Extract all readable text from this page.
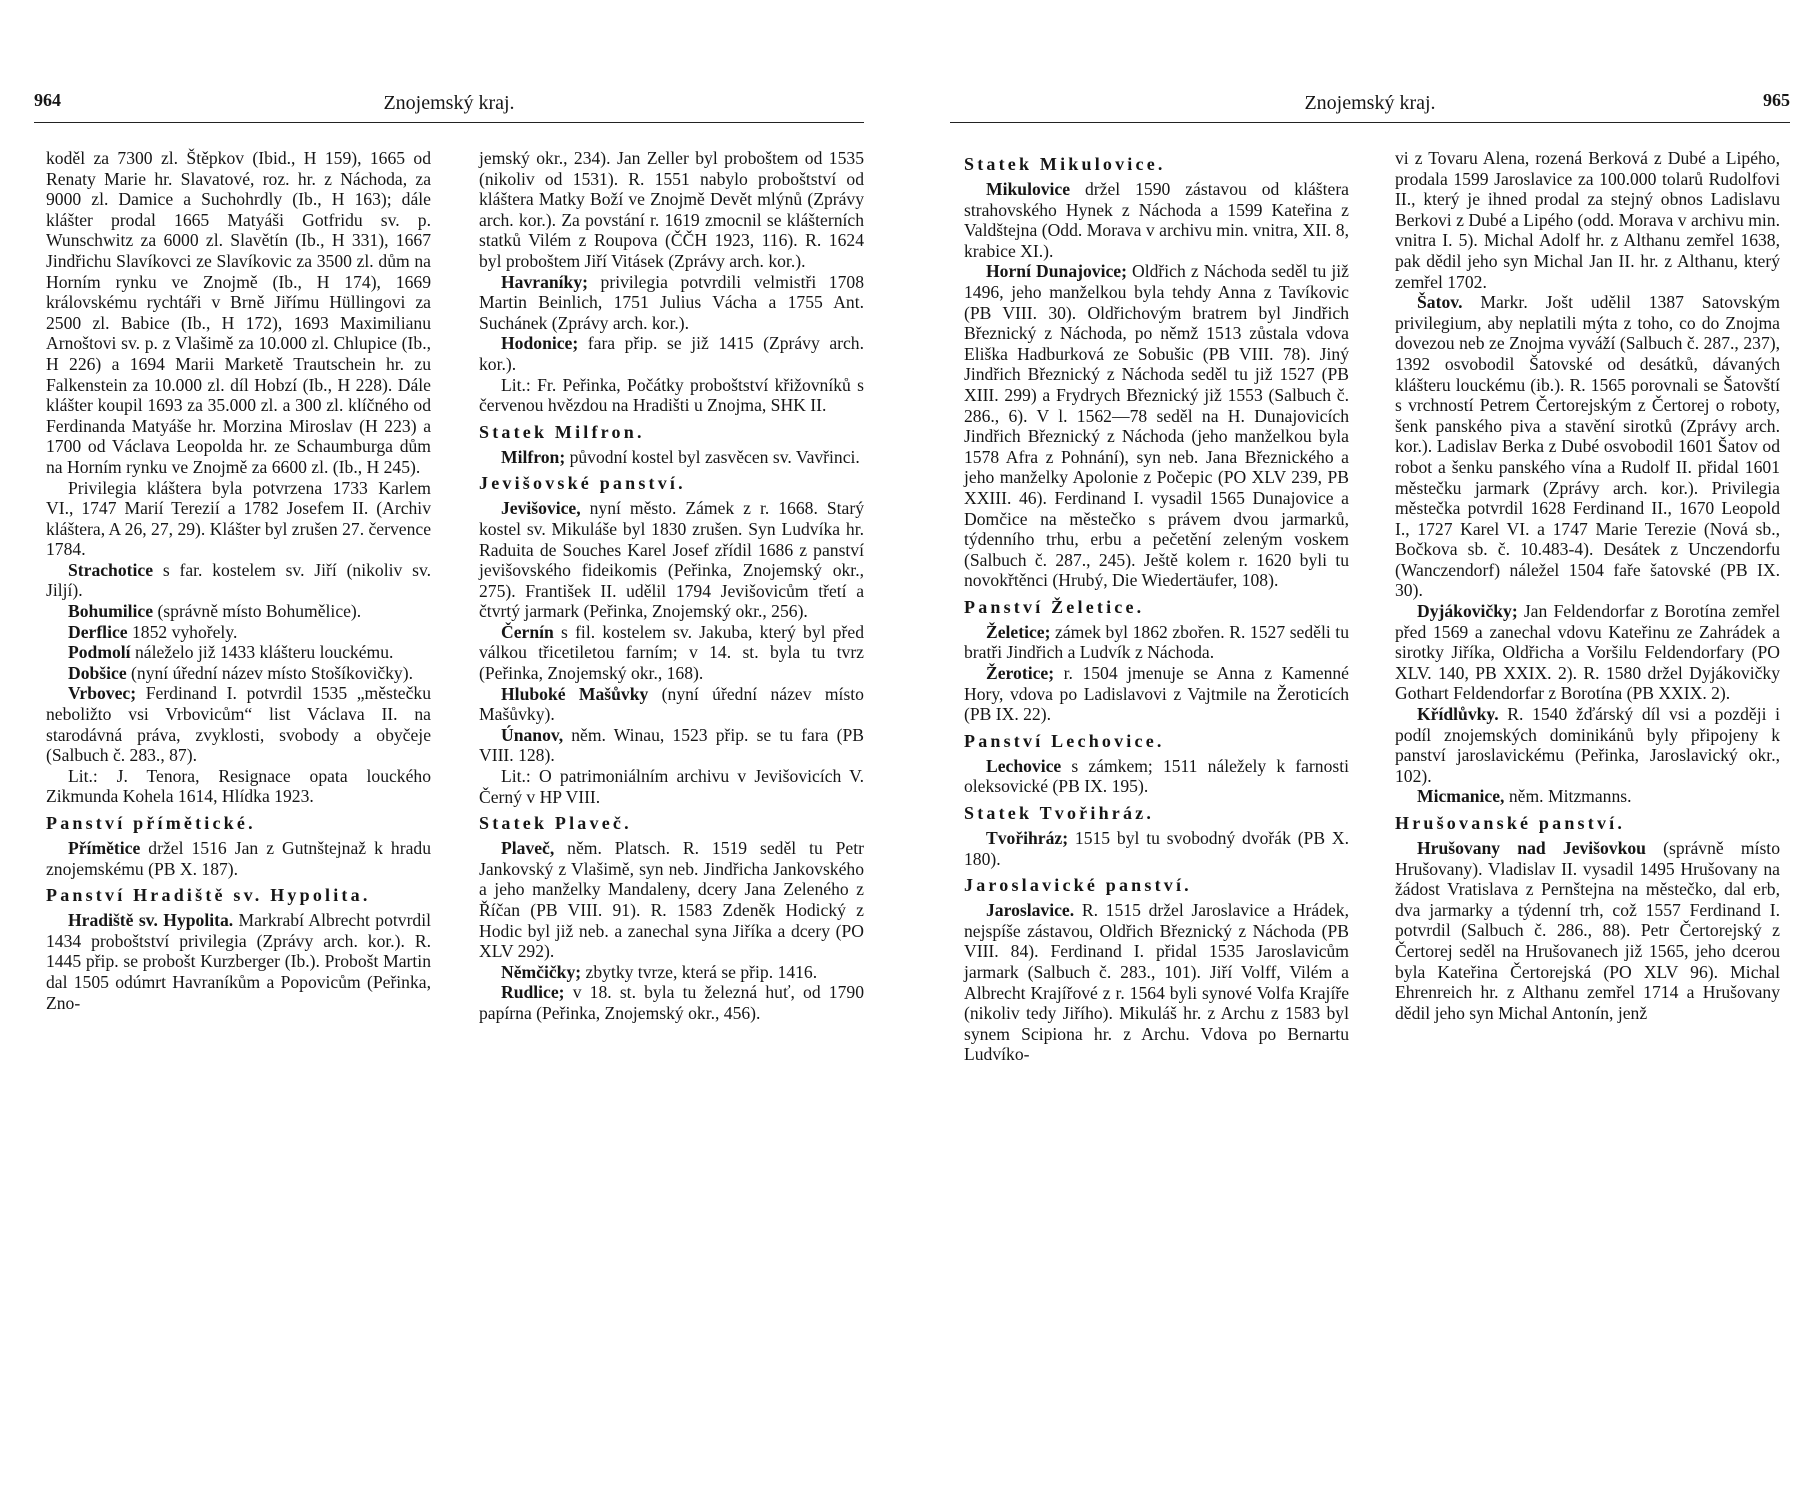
964	Znojemský kraj.

koděl za 7300 zl. Štěpkov (Ibid., H 159), 1665 od Renaty Marie hr. Slavatové, roz. hr. z Náchoda, za 9000 zl. Damice a Suchohrdly (Ib., H 163); dále klášter prodal 1665 Matyáši Gotfridu sv. p. Wunschwitz za 6000 zl. Slavětín (Ib., H 331), 1667 Jindřichu Slavíkovci ze Slavíkovic za 3500 zl. dům na Horním rynku ve Znojmě (Ib., H 174), 1669 královskému rychtáři v Brně Jiřímu Hüllingovi za 2500 zl. Babice (Ib., H 172), 1693 Maximilianu Arnoštovi sv. p. z Vlašimě za 10.000 zl. Chlupice (Ib., H 226) a 1694 Marii Marketě Trautschein hr. zu Falkenstein za 10.000 zl. díl Hobzí (Ib., H 228). Dále klášter koupil 1693 za 35.000 zl. a 300 zl. klíčného od Ferdinanda Matyáše hr. Morzina Miroslav (H 223) a 1700 od Václava Leopolda hr. ze Schaumburga dům na Horním rynku ve Znojmě za 6600 zl. (Ib., H 245).

Privilegia kláštera byla potvrzena 1733 Karlem VI., 1747 Marií Terezií a 1782 Josefem II. (Archiv kláštera, A 26, 27, 29). Klášter byl zrušen 27. července 1784.

Strachotice s far. kostelem sv. Jiří (nikoliv sv. Jiljí).

Bohumilice (správně místo Bohumělice).

Derflice 1852 vyhořely.

Podmolí náleželo již 1433 klášteru louckému.

Dobšice (nyní úřední název místo Stošíkovičky).

Vrbovec; Ferdinand I. potvrdil 1535 „městečku neboližto vsi Vrbovicům“ list Václava II. na starodávná práva, zvyklosti, svobody a obyčeje (Salbuch č. 283., 87).

Lit.: J. Tenora, Resignace opata louckého Zikmunda Kohela 1614, Hlídka 1923.

Panství přímětické.

Přímětice držel 1516 Jan z Gutnštejnaž k hradu znojemskému (PB X. 187).

Panství Hradiště sv. Hypolita.

Hradiště sv. Hypolita. Markrabí Albrecht potvrdil 1434 proboštství privilegia (Zprávy arch. kor.). R. 1445 přip. se probošt Kurzberger (Ib.). Probošt Martin dal 1505 odúmrt Havraníkům a Popovicům (Peřinka, Zno-

jemský okr., 234). Jan Zeller byl proboštem od 1535 (nikoliv od 1531). R. 1551 nabylo proboštství od kláštera Matky Boží ve Znojmě Devět mlýnů (Zprávy arch. kor.). Za povstání r. 1619 zmocnil se klášterních statků Vilém z Roupova (ČČH 1923, 116). R. 1624 byl proboštem Jiří Vitásek (Zprávy arch. kor.).

Havraníky; privilegia potvrdili velmistři 1708 Martin Beinlich, 1751 Julius Vácha a 1755 Ant. Suchánek (Zprávy arch. kor.).

Hodonice; fara přip. se již 1415 (Zprávy arch. kor.).

Lit.: Fr. Peřinka, Počátky proboštství křižovníků s červenou hvězdou na Hradišti u Znojma, SHK II.

Statek Milfron.

Milfron; původní kostel byl zasvěcen sv. Vavřinci.

Jevišovské panství.

Jevišovice, nyní město. Zámek z r. 1668. Starý kostel sv. Mikuláše byl 1830 zrušen. Syn Ludvíka hr. Raduita de Souches Karel Josef zřídil 1686 z panství jevišovského fideikomis (Peřinka, Znojemský okr., 275). František II. udělil 1794 Jevišovicům třetí a čtvrtý jarmark (Peřinka, Znojemský okr., 256).

Černín s fil. kostelem sv. Jakuba, který byl před válkou třicetiletou farním; v 14. st. byla tu tvrz (Peřinka, Znojemský okr., 168).

Hluboké Mašůvky (nyní úřední název místo Mašůvky).

Únanov, něm. Winau, 1523 přip. se tu fara (PB VIII. 128).

Lit.: O patrimoniálním archivu v Jevišovicích V. Černý v HP VIII.

Statek Plaveč.

Plaveč, něm. Platsch. R. 1519 seděl tu Petr Jankovský z Vlašimě, syn neb. Jindřicha Jankovského a jeho manželky Mandaleny, dcery Jana Zeleného z Říčan (PB VIII. 91). R. 1583 Zdeněk Hodický z Hodic byl již neb. a zanechal syna Jiříka a dcery (PO XLV 292).

Němčičky; zbytky tvrze, která se přip. 1416.

Rudlice; v 18. st. byla tu železná huť, od 1790 papírna (Peřinka, Znojemský okr., 456).

Znojemský kraj.	965
Statek Mikulovice.

Mikulovice držel 1590 zástavou od kláštera strahovského Hynek z Náchoda a 1599 Kateřina z Valdštejna (Odd. Morava v archivu min. vnitra, XII. 8, krabice XI.).

Horní Dunajovice; Oldřich z Náchoda seděl tu již 1496, jeho manželkou byla tehdy Anna z Tavíkovic (PB VIII. 30). Oldřichovým bratrem byl Jindřich Březnický z Náchoda, po němž 1513 zůstala vdova Eliška Hadburková ze Sobušic (PB VIII. 78). Jiný Jindřich Březnický z Náchoda seděl tu již 1527 (PB XIII. 299) a Frydrych Březnický již 1553 (Salbuch č. 286., 6). V l. 1562—78 seděl na H. Dunajovicích Jindřich Březnický z Náchoda (jeho manželkou byla 1578 Afra z Pohnání), syn neb. Jana Březnického a jeho manželky Apolonie z Počepic (PO XLV 239, PB XXIII. 46). Ferdinand I. vysadil 1565 Dunajovice a Domčice na městečko s právem dvou jarmarků, týdenního trhu, erbu a pečetění zeleným voskem (Salbuch č. 287., 245). Ještě kolem r. 1620 byli tu novokřtěnci (Hrubý, Die Wiedertäufer, 108).

Panství Želetice.

Želetice; zámek byl 1862 zbořen. R. 1527 seděli tu bratři Jindřich a Ludvík z Náchoda.

Žerotice; r. 1504 jmenuje se Anna z Kamenné Hory, vdova po Ladislavovi z Vajtmile na Žeroticích (PB IX. 22).

Panství Lechovice.

Lechovice s zámkem; 1511 náležely k farnosti oleksovické (PB IX. 195).

Statek Tvořihráz.

Tvořihráz; 1515 byl tu svobodný dvořák (PB X. 180).

Jaroslavické panství.

Jaroslavice. R. 1515 držel Jaroslavice a Hrádek, nejspíše zástavou, Oldřich Březnický z Náchoda (PB VIII. 84). Ferdinand I. přidal 1535 Jaroslavicům jarmark (Salbuch č. 283., 101). Jiří Volff, Vilém a Albrecht Krajířové z r. 1564 byli synové Volfa Krajíře (nikoliv tedy Jiřího). Mikuláš hr. z Archu z 1583 byl synem Scipiona hr. z Archu. Vdova po Bernartu Ludvíko-

vi z Tovaru Alena, rozená Berková z Dubé a Lipého, prodala 1599 Jaroslavice za 100.000 tolarů Rudolfovi II., který je ihned prodal za stejný obnos Ladislavu Berkovi z Dubé a Lipého (odd. Morava v archivu min. vnitra I. 5). Michal Adolf hr. z Althanu zemřel 1638, pak dědil jeho syn Michal Jan II. hr. z Althanu, který zemřel 1702.

Šatov. Markr. Jošt udělil 1387 Satovským privilegium, aby neplatili mýta z toho, co do Znojma dovezou neb ze Znojma vyváží (Salbuch č. 287., 237), 1392 osvobodil Šatovské od desátků, dávaných klášteru louckému (ib.). R. 1565 porovnali se Šatovští s vrchností Petrem Čertorejským z Čertorej o roboty, šenk panského piva a stavění sirotků (Zprávy arch. kor.). Ladislav Berka z Dubé osvobodil 1601 Šatov od robot a šenku panského vína a Rudolf II. přidal 1601 městečku jarmark (Zprávy arch. kor.). Privilegia městečka potvrdil 1628 Ferdinand II., 1670 Leopold I., 1727 Karel VI. a 1747 Marie Terezie (Nová sb., Bočkova sb. č. 10.483-4). Desátek z Unczendorfu (Wanczendorf) náležel 1504 faře šatovské (PB IX. 30).

Dyjákovičky; Jan Feldendorfar z Borotína zemřel před 1569 a zanechal vdovu Kateřinu ze Zahrádek a sirotky Jiříka, Oldřicha a Voršilu Feldendorfary (PO XLV. 140, PB XXIX. 2). R. 1580 držel Dyjákovičky Gothart Feldendorfar z Borotína (PB XXIX. 2).

Křídlůvky. R. 1540 žďárský díl vsi a později i podíl znojemských dominikánů byly připojeny k panství jaroslavickému (Peřinka, Jaroslavický okr., 102).

Micmanice, něm. Mitzmanns.

Hrušovanské panství.

Hrušovany nad Jevišovkou (správně místo Hrušovany). Vladislav II. vysadil 1495 Hrušovany na žádost Vratislava z Pernštejna na městečko, dal erb, dva jarmarky a týdenní trh, což 1557 Ferdinand I. potvrdil (Salbuch č. 286., 88). Petr Čertorejský z Čertorej seděl na Hrušovanech již 1565, jeho dcerou byla Kateřina Čertorejská (PO XLV 96). Michal Ehrenreich hr. z Althanu zemřel 1714 a Hrušovany dědil jeho syn Michal Antonín, jenž
